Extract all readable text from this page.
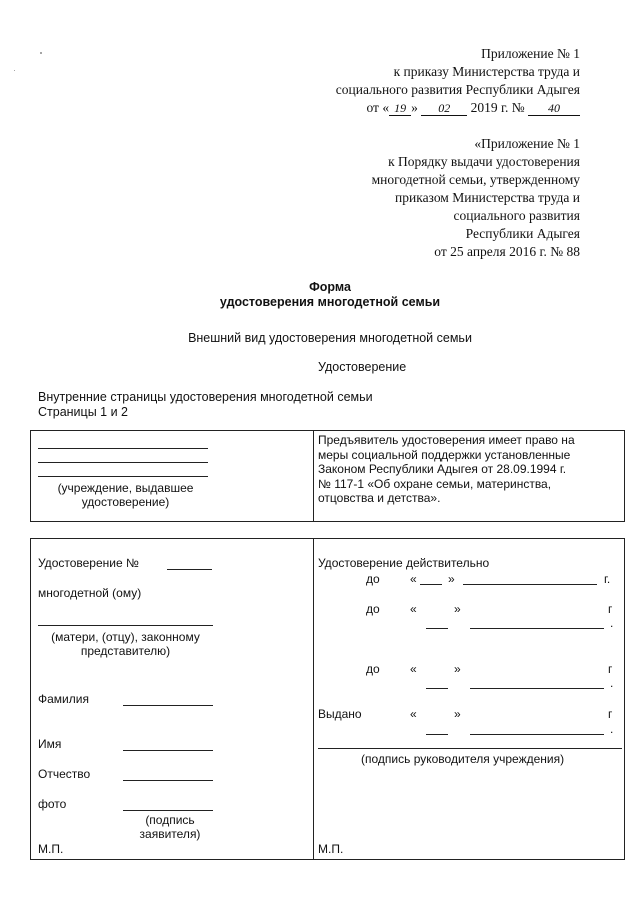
Приложение № 1
к приказу Министерства труда и
социального развития Республики Адыгея
от « 19 » 02 2019 г. № 40
«Приложение № 1
к Порядку выдачи удостоверения
многодетной семьи, утвержденному
приказом Министерства труда и
социального развития
Республики Адыгея
от 25 апреля 2016 г. № 88
Форма
удостоверения многодетной семьи
Внешний вид удостоверения многодетной семьи
Удостоверение
Внутренние страницы удостоверения многодетной семьи
Страницы 1 и 2
(учреждение, выдавшее
удостоверение)
Предъявитель удостоверения имеет право на
меры социальной поддержки установленные
Законом Республики Адыгея от 28.09.1994 г.
№ 117-1 «Об охране семьи, материнства,
отцовства и детства».
Удостоверение №
многодетной (ому)
(матери, (отцу), законному
представителю)
Фамилия
Имя
Отчество
фото
(подпись
заявителя)
М.П.
Удостоверение действительно
до	«	»	г.
до	«	»	г
.
до	«	»	г
.
Выдано	«	»	г
.
(подпись руководителя учреждения)
М.П.
